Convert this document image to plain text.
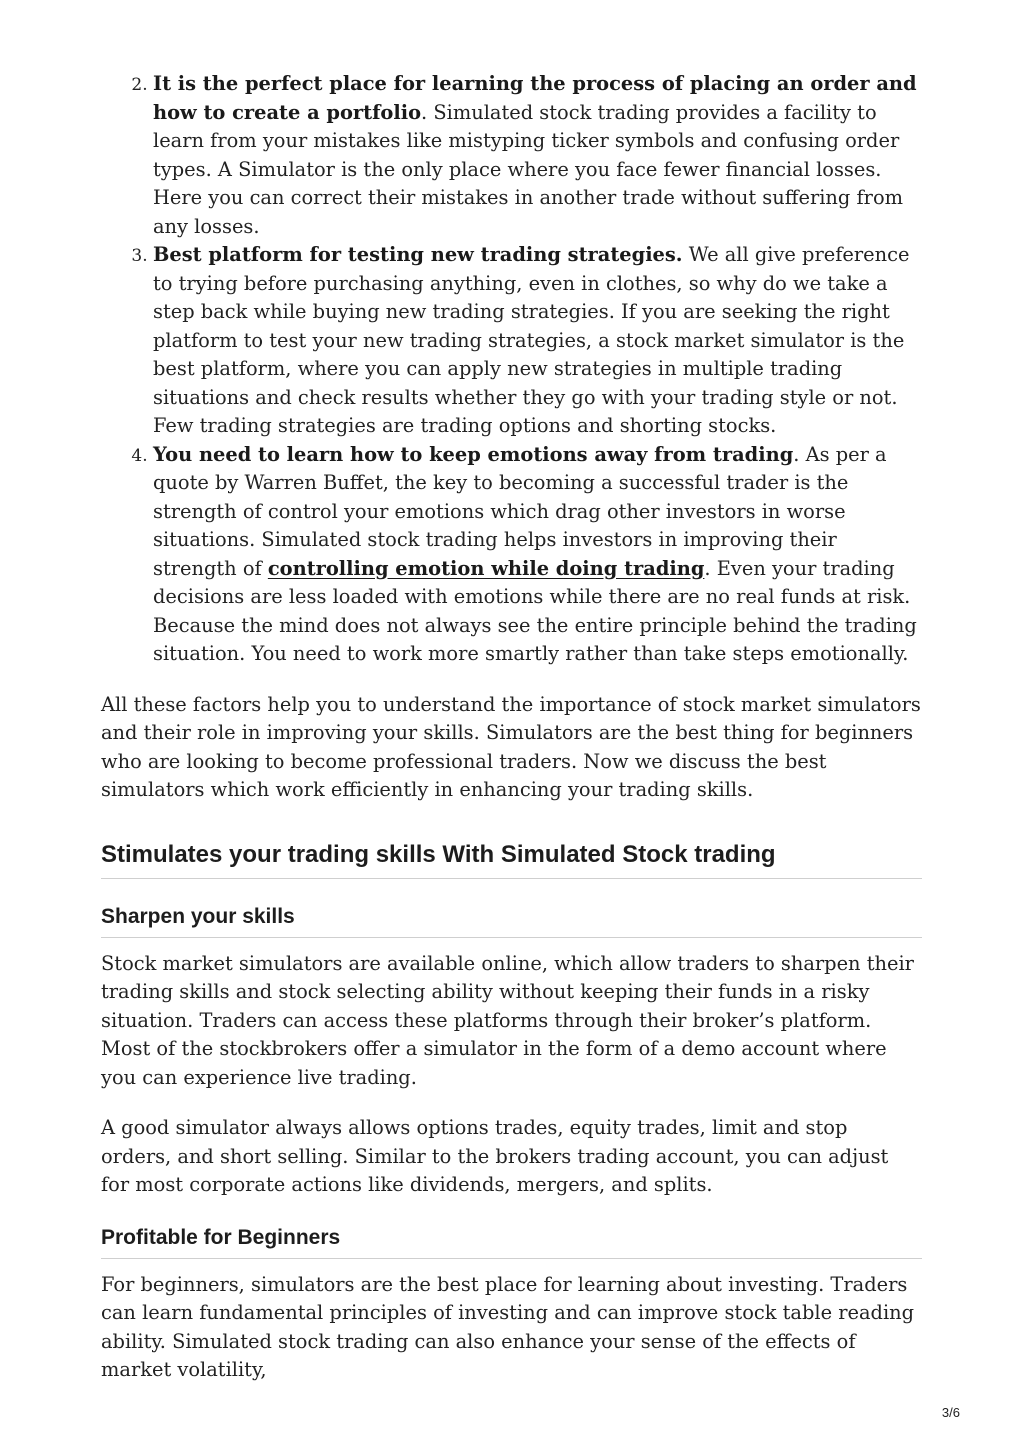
2. It is the perfect place for learning the process of placing an order and how to create a portfolio. Simulated stock trading provides a facility to learn from your mistakes like mistyping ticker symbols and confusing order types. A Simulator is the only place where you face fewer financial losses. Here you can correct their mistakes in another trade without suffering from any losses.
3. Best platform for testing new trading strategies. We all give preference to trying before purchasing anything, even in clothes, so why do we take a step back while buying new trading strategies. If you are seeking the right platform to test your new trading strategies, a stock market simulator is the best platform, where you can apply new strategies in multiple trading situations and check results whether they go with your trading style or not. Few trading strategies are trading options and shorting stocks.
4. You need to learn how to keep emotions away from trading. As per a quote by Warren Buffet, the key to becoming a successful trader is the strength of control your emotions which drag other investors in worse situations. Simulated stock trading helps investors in improving their strength of controlling emotion while doing trading. Even your trading decisions are less loaded with emotions while there are no real funds at risk. Because the mind does not always see the entire principle behind the trading situation. You need to work more smartly rather than take steps emotionally.

All these factors help you to understand the importance of stock market simulators and their role in improving your skills. Simulators are the best thing for beginners who are looking to become professional traders. Now we discuss the best simulators which work efficiently in enhancing your trading skills.

Stimulates your trading skills With Simulated Stock trading
Sharpen your skills

Stock market simulators are available online, which allow traders to sharpen their trading skills and stock selecting ability without keeping their funds in a risky situation. Traders can access these platforms through their broker’s platform. Most of the stockbrokers offer a simulator in the form of a demo account where you can experience live trading.

A good simulator always allows options trades, equity trades, limit and stop orders, and short selling. Similar to the brokers trading account, you can adjust for most corporate actions like dividends, mergers, and splits.

Profitable for Beginners

For beginners, simulators are the best place for learning about investing. Traders can learn fundamental principles of investing and can improve stock table reading ability. Simulated stock trading can also enhance your sense of the effects of market volatility,

3/6
